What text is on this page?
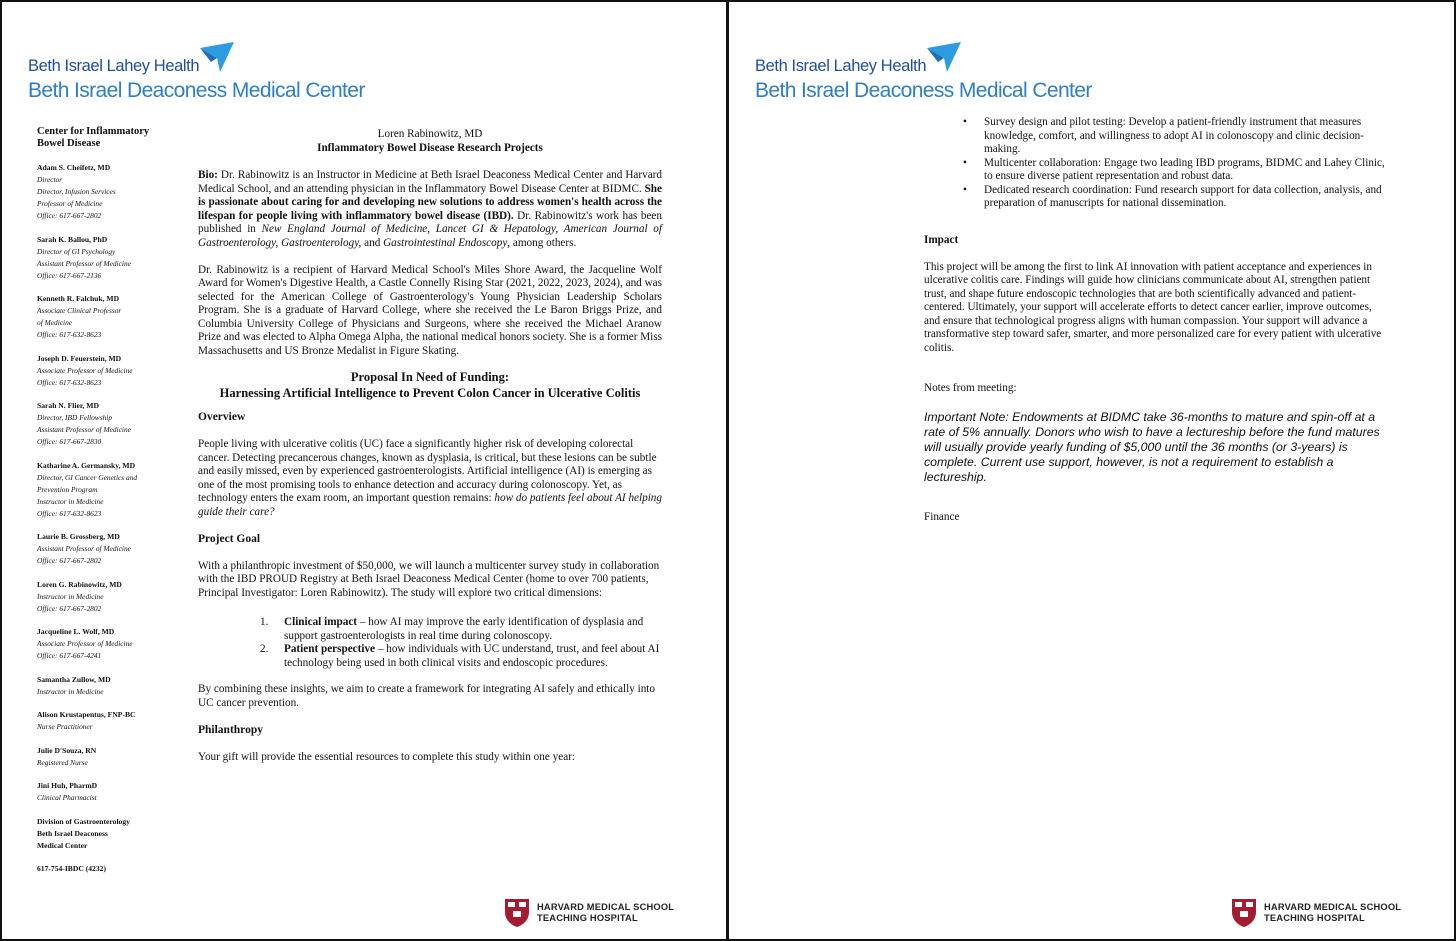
Beth Israel Lahey Health
Beth Israel Deaconess Medical Center
Center for Inflammatory Bowel Disease
Adam S. Cheifetz, MD
Director
Director, Infusion Services
Professor of Medicine
Office: 617-667-2802
Sarah K. Ballou, PhD
Director of GI Psychology
Assistant Professor of Medicine
Office: 617-667-2136
Kenneth R. Falchuk, MD
Associate Clinical Professor
of Medicine
Office: 617-632-8623
Joseph D. Feuerstein, MD
Associate Professor of Medicine
Office: 617-632-8623
Sarah N. Flier, MD
Director, IBD Fellowship
Assistant Professor of Medicine
Office: 617-667-2830
Katharine A. Germansky, MD
Director, GI Cancer Genetics and
Prevention Program
Instructor in Medicine
Office: 617-632-8623
Laurie B. Grossberg, MD
Assistant Professor of Medicine
Office: 617-667-2802
Loren G. Rabinowitz, MD
Instructor in Medicine
Office: 617-667-2802
Jacqueline L. Wolf, MD
Associate Professor of Medicine
Office: 617-667-4241
Samantha Zullow, MD
Instructor in Medicine
Alison Krustapentus, FNP-BC
Nurse Practitioner
Julie D'Souza, RN
Registered Nurse
Jini Huh, PharmD
Clinical Pharmacist
Division of Gastroenterology
Beth Israel Deaconess
Medical Center
617-754-IBDC (4232)
Loren Rabinowitz, MD
Inflammatory Bowel Disease Research Projects
Bio: Dr. Rabinowitz is an Instructor in Medicine at Beth Israel Deaconess Medical Center and Harvard Medical School, and an attending physician in the Inflammatory Bowel Disease Center at BIDMC. She is passionate about caring for and developing new solutions to address women's health across the lifespan for people living with inflammatory bowel disease (IBD). Dr. Rabinowitz's work has been published in New England Journal of Medicine, Lancet GI & Hepatology, American Journal of Gastroenterology, Gastroenterology, and Gastrointestinal Endoscopy, among others.
Dr. Rabinowitz is a recipient of Harvard Medical School's Miles Shore Award, the Jacqueline Wolf Award for Women's Digestive Health, a Castle Connelly Rising Star (2021, 2022, 2023, 2024), and was selected for the American College of Gastroenterology's Young Physician Leadership Scholars Program. She is a graduate of Harvard College, where she received the Le Baron Briggs Prize, and Columbia University College of Physicians and Surgeons, where she received the Michael Aranow Prize and was elected to Alpha Omega Alpha, the national medical honors society. She is a former Miss Massachusetts and US Bronze Medalist in Figure Skating.
Proposal In Need of Funding:
Harnessing Artificial Intelligence to Prevent Colon Cancer in Ulcerative Colitis
Overview
People living with ulcerative colitis (UC) face a significantly higher risk of developing colorectal cancer. Detecting precancerous changes, known as dysplasia, is critical, but these lesions can be subtle and easily missed, even by experienced gastroenterologists. Artificial intelligence (AI) is emerging as one of the most promising tools to enhance detection and accuracy during colonoscopy. Yet, as technology enters the exam room, an important question remains: how do patients feel about AI helping guide their care?
Project Goal
With a philanthropic investment of $50,000, we will launch a multicenter survey study in collaboration with the IBD PROUD Registry at Beth Israel Deaconess Medical Center (home to over 700 patients, Principal Investigator: Loren Rabinowitz). The study will explore two critical dimensions:
1.	Clinical impact – how AI may improve the early identification of dysplasia and support gastroenterologists in real time during colonoscopy.
2.	Patient perspective – how individuals with UC understand, trust, and feel about AI technology being used in both clinical visits and endoscopic procedures.
By combining these insights, we aim to create a framework for integrating AI safely and ethically into UC cancer prevention.
Philanthropy
Your gift will provide the essential resources to complete this study within one year:
HARVARD MEDICAL SCHOOL
TEACHING HOSPITAL
Beth Israel Lahey Health
Beth Israel Deaconess Medical Center
•	Survey design and pilot testing: Develop a patient-friendly instrument that measures knowledge, comfort, and willingness to adopt AI in colonoscopy and clinic decision-making.
•	Multicenter collaboration: Engage two leading IBD programs, BIDMC and Lahey Clinic, to ensure diverse patient representation and robust data.
•	Dedicated research coordination: Fund research support for data collection, analysis, and preparation of manuscripts for national dissemination.
Impact
This project will be among the first to link AI innovation with patient acceptance and experiences in ulcerative colitis care. Findings will guide how clinicians communicate about AI, strengthen patient trust, and shape future endoscopic technologies that are both scientifically advanced and patient-centered. Ultimately, your support will accelerate efforts to detect cancer earlier, improve outcomes, and ensure that technological progress aligns with human compassion. Your support will advance a transformative step toward safer, smarter, and more personalized care for every patient with ulcerative colitis.
Notes from meeting:
Important Note: Endowments at BIDMC take 36-months to mature and spin-off at a rate of 5% annually. Donors who wish to have a lectureship before the fund matures will usually provide yearly funding of $5,000 until the 36 months (or 3-years) is complete. Current use support, however, is not a requirement to establish a lectureship.
Finance
HARVARD MEDICAL SCHOOL
TEACHING HOSPITAL
